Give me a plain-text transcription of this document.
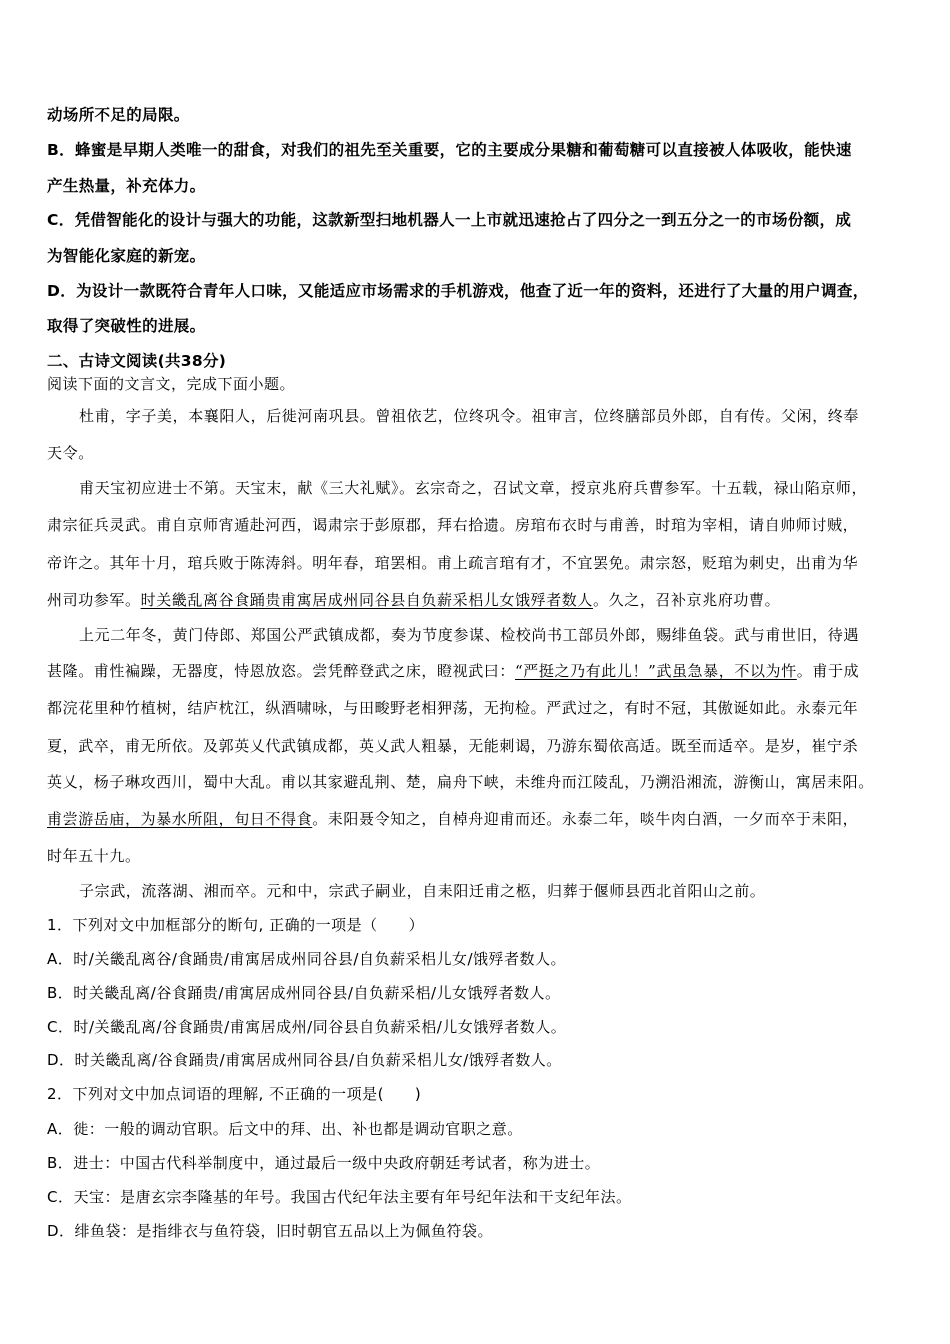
动场所不足的局限。

B．蜂蜜是早期人类唯一的甜食，对我们的祖先至关重要，它的主要成分果糖和葡萄糖可以直接被人体吸收，能快速

产生热量，补充体力。

C．凭借智能化的设计与强大的功能，这款新型扫地机器人一上市就迅速抢占了四分之一到五分之一的市场份额，成

为智能化家庭的新宠。

D．为设计一款既符合青年人口味，又能适应市场需求的手机游戏，他查了近一年的资料，还进行了大量的用户调查，

取得了突破性的进展。

二、古诗文阅读(共38分)

阅读下面的文言文，完成下面小题。

杜甫，字子美，本襄阳人，后徙河南巩县。曾祖依艺，位终巩令。祖审言，位终膳部员外郎，自有传。父闲，终奉

天令。

甫天宝初应进士不第。天宝末，献《三大礼赋》。玄宗奇之，召试文章，授京兆府兵曹参军。十五载，禄山陷京师，

肃宗征兵灵武。甫自京师宵遁赴河西，谒肃宗于彭原郡，拜右拾遗。房琯布衣时与甫善，时琯为宰相，请自帅师讨贼，

帝许之。其年十月，琯兵败于陈涛斜。明年春，琯罢相。甫上疏言琯有才，不宜罢免。肃宗怒，贬琯为刺史，出甫为华

州司功参军。时关畿乱离谷食踊贵甫寓居成州同谷县自负薪采梠儿女饿殍者数人。久之，召补京兆府功曹。

上元二年冬，黄门侍郎、郑国公严武镇成都，奏为节度参谋、检校尚书工部员外郎，赐绯鱼袋。武与甫世旧，待遇

甚隆。甫性褊躁，无器度，恃恩放恣。尝凭醉登武之床，瞪视武曰：“严挺之乃有此儿！”武虽急暴，不以为忤。甫于成

都浣花里种竹植树，结庐枕江，纵酒啸咏，与田畯野老相狎荡，无拘检。严武过之，有时不冠，其傲诞如此。永泰元年

夏，武卒，甫无所依。及郭英乂代武镇成都，英乂武人粗暴，无能刺谒，乃游东蜀依高适。既至而适卒。是岁，崔宁杀

英乂，杨子琳攻西川，蜀中大乱。甫以其家避乱荆、楚，扁舟下峡，未维舟而江陵乱，乃溯沿湘流，游衡山，寓居耒阳。

甫尝游岳庙，为暴水所阻，旬日不得食。耒阳聂令知之，自棹舟迎甫而还。永泰二年，啖牛肉白酒，一夕而卒于耒阳，

时年五十九。

子宗武，流落湖、湘而卒。元和中，宗武子嗣业，自耒阳迁甫之柩，归葬于偃师县西北首阳山之前。

1．下列对文中加框部分的断句, 正确的一项是（　　）

A．时/关畿乱离谷/食踊贵/甫寓居成州同谷县/自负薪采梠儿女/饿殍者数人。

B．时关畿乱离/谷食踊贵/甫寓居成州同谷县/自负薪采梠/儿女饿殍者数人。

C．时/关畿乱离/谷食踊贵/甫寓居成州/同谷县自负薪采梠/儿女饿殍者数人。

D．时关畿乱离/谷食踊贵/甫寓居成州同谷县/自负薪采梠儿女/饿殍者数人。

2．下列对文中加点词语的理解, 不正确的一项是(　　)

A．徙：一般的调动官职。后文中的拜、出、补也都是调动官职之意。

B．进士：中国古代科举制度中，通过最后一级中央政府朝廷考试者，称为进士。

C．天宝：是唐玄宗李隆基的年号。我国古代纪年法主要有年号纪年法和干支纪年法。

D．绯鱼袋：是指绯衣与鱼符袋，旧时朝官五品以上为佩鱼符袋。
